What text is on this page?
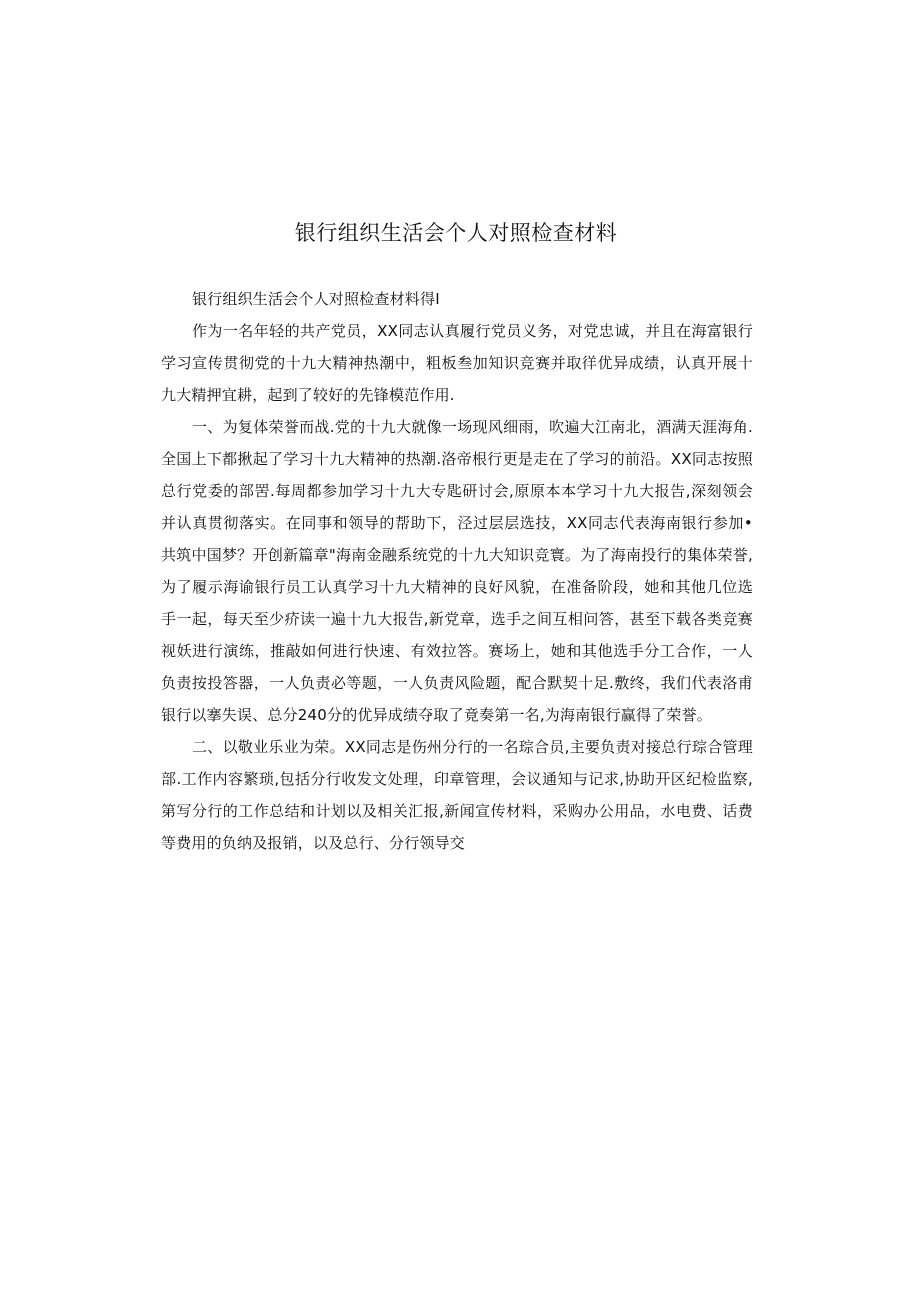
银行组织生活会个人对照检查材料

银行组织生活会个人对照检查材料得I

作为一名年轻的共产党员，XX同志认真履行党员义务，对党忠诚，并且在海富银行学习宣传贯彻党的十九大精神热潮中，粗板叁加知识竞赛并取徉优异成绩，认真开展十九大精押宜耕，起到了较好的先锋模范作用.

一、为复体荣誉而战.党的十九大就像一场现风细雨，吹遍大江南北，酒满天涯海角.全国上下都揪起了学习十九大精神的热潮.洛帝根行更是走在了学习的前沿。XX同志按照总行党委的部罟.每周都参加学习十九大专匙研讨会,原原本本学习十九大报告,深刻领会并认真贯彻落实。在同事和领导的帮助下，泾过层层选技，XX同志代表海南银行参加•共筑中国梦？开创新篇章"海南金融系统党的十九大知识竞寰。为了海南投行的集体荣誉,为了履示海谕银行员工认真学习十九大精神的良好风貌，在准备阶段，她和其他几位选手一起，每天至少疥读一遍十九大报告,新党章，选手之间互相问答，甚至下载各类竞赛视妖进行演练，推敲如何进行快速、有效拉答。赛场上，她和其他选手分工合作，一人负责按投答器，一人负责必等题，一人负责风险题，配合默契十足.敷终，我们代表洛甫银行以搴失误、总分240分的优异成绩夺取了竟奏第一名,为海南银行赢得了荣誉。

二、以敬业乐业为荣。XX同志是伤州分行的一名琮合员,主要负责对接总行琮合管理部.工作内容繁琐,包括分行收发文处理，印章管理，会议通知与记求,协助开区纪检监察,第写分行的工作总结和计划以及相关汇报,新闻宣传材料，采购办公用品，水电费、话费等费用的负纳及报销，以及总行、分行领导交
